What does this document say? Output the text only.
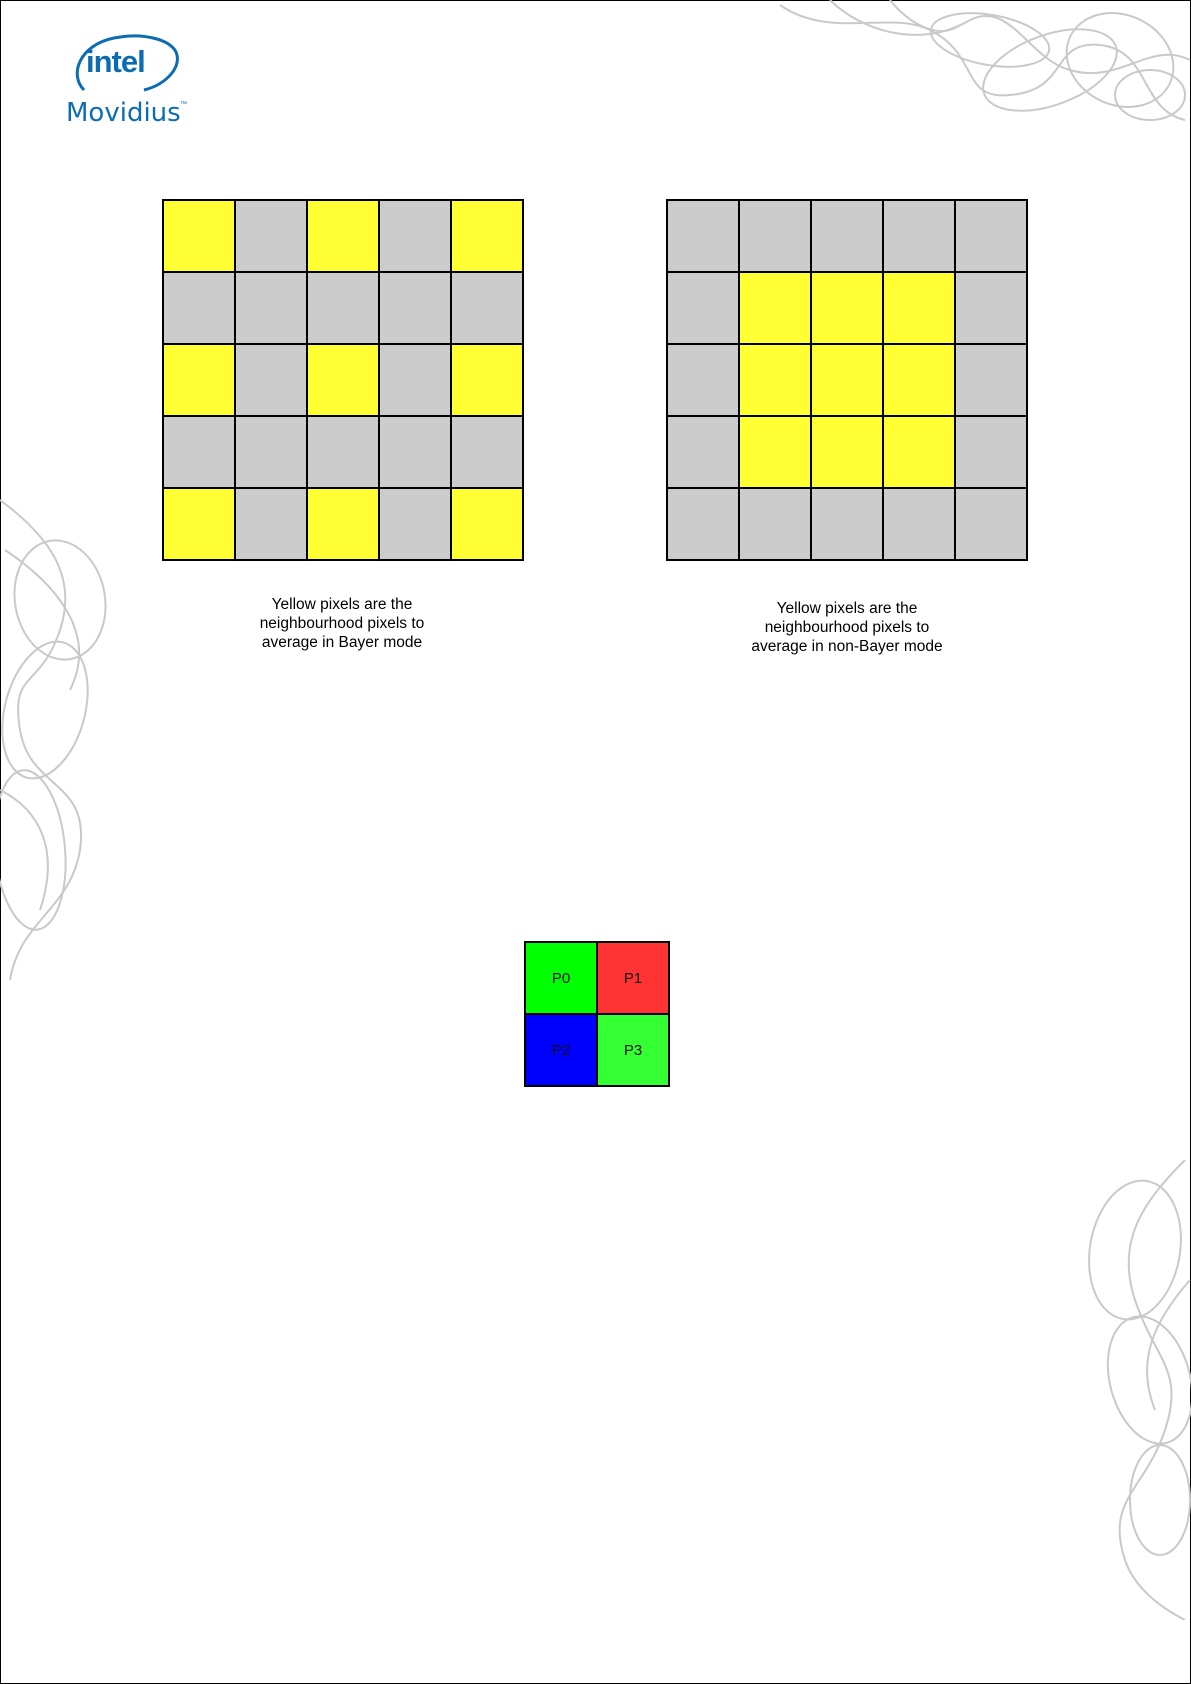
intel
Movidius ™
Yellow pixels are the
neighbourhood pixels to
average in Bayer mode
Yellow pixels are the
neighbourhood pixels to
average in non-Bayer mode
P0	P1
P2	P3
